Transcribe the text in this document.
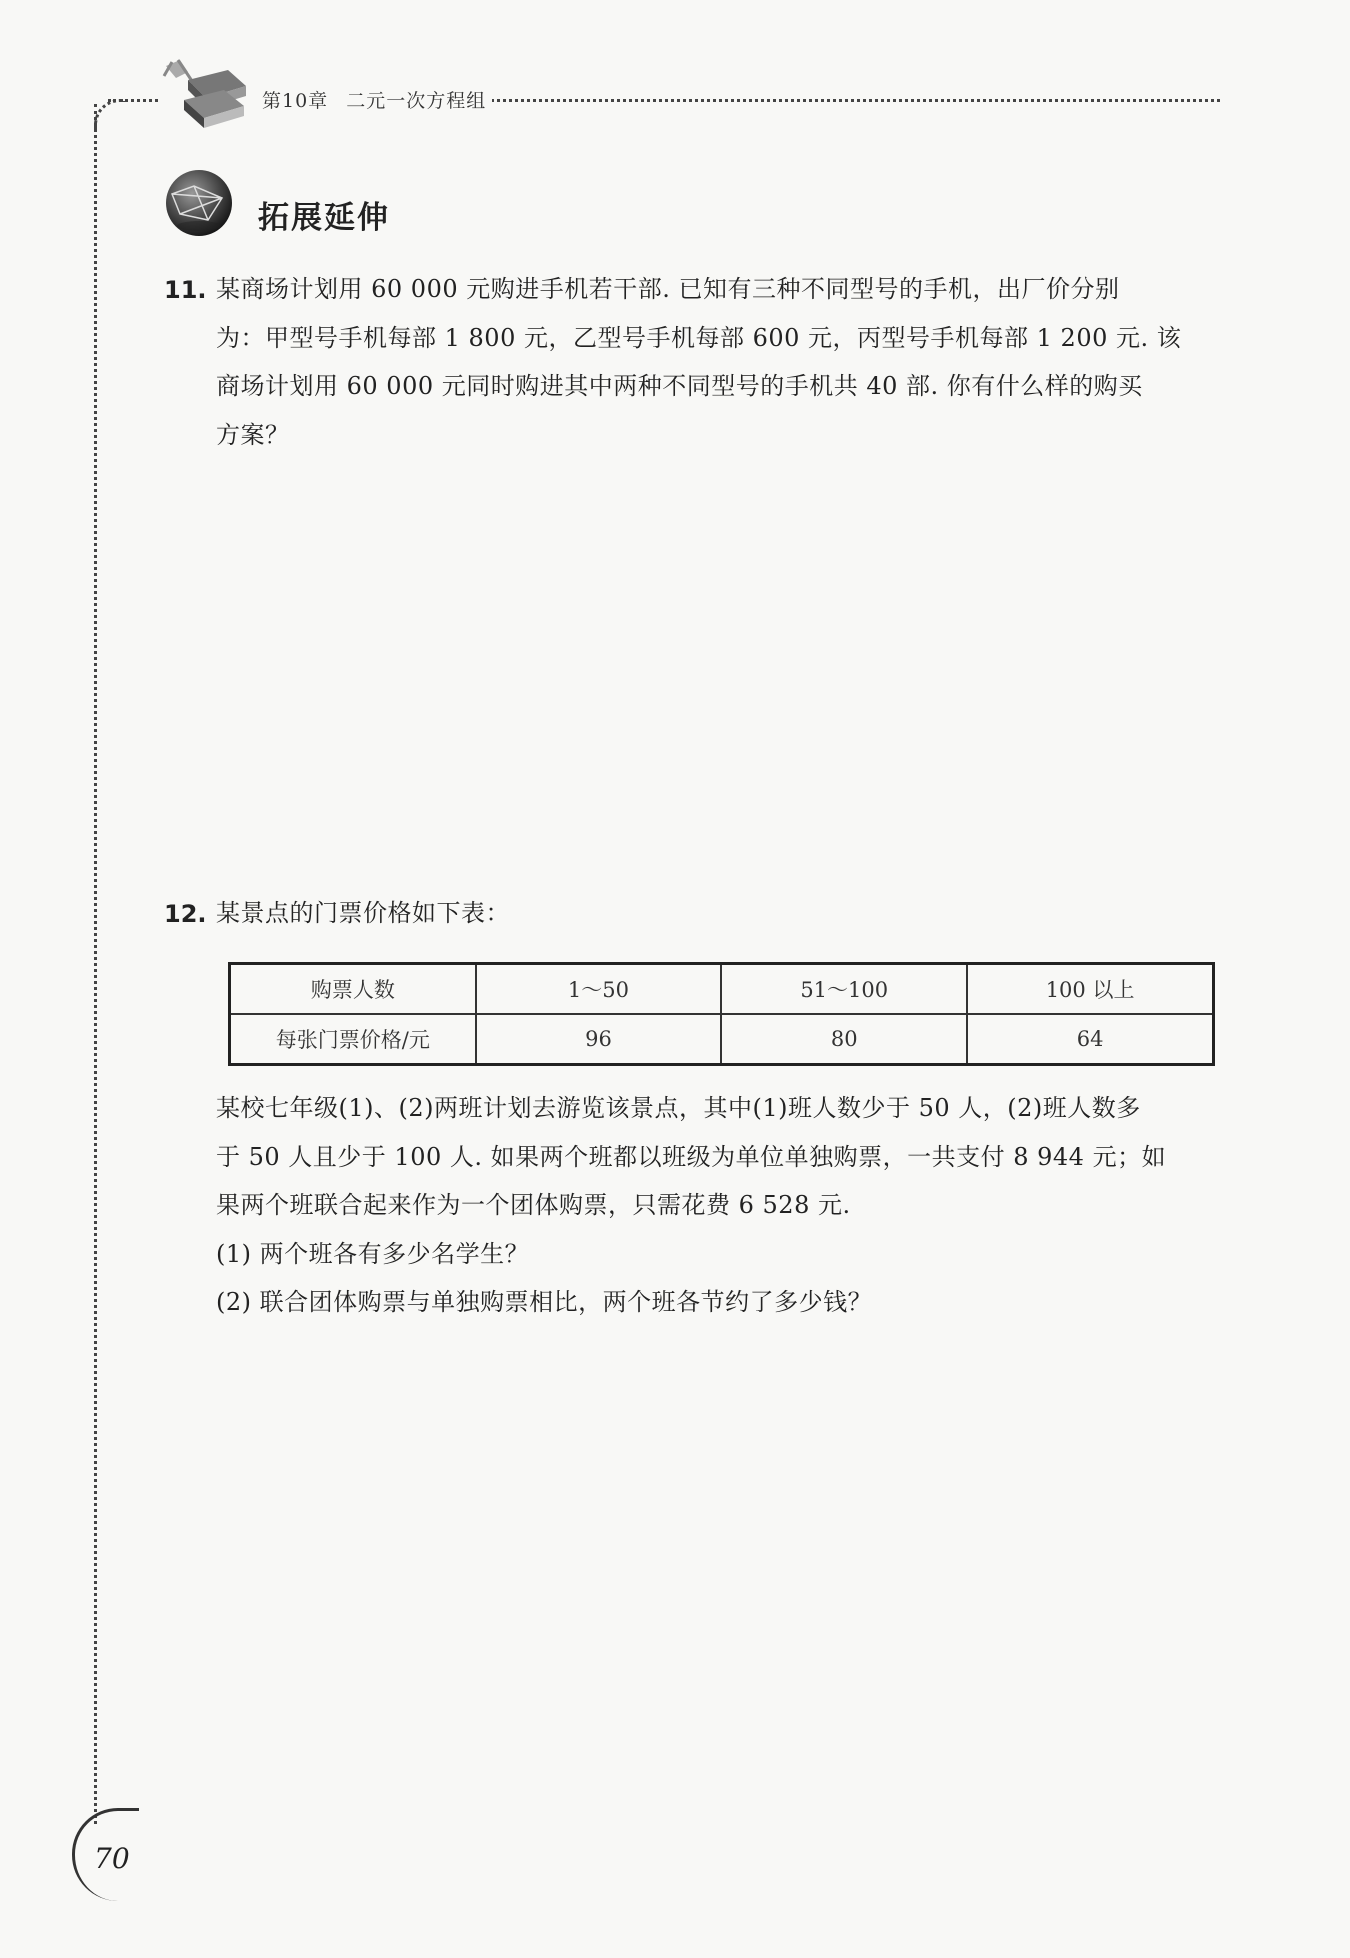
第10章 二元一次方程组
拓展延伸
11. 某商场计划用 60 000 元购进手机若干部. 已知有三种不同型号的手机，出厂价分别
为：甲型号手机每部 1 800 元，乙型号手机每部 600 元，丙型号手机每部 1 200 元. 该
商场计划用 60 000 元同时购进其中两种不同型号的手机共 40 部. 你有什么样的购买
方案？
12. 某景点的门票价格如下表：
购票人数	1～50	51～100	100 以上
每张门票价格/元	96	80	64
某校七年级(1)、(2)两班计划去游览该景点，其中(1)班人数少于 50 人，(2)班人数多
于 50 人且少于 100 人. 如果两个班都以班级为单位单独购票，一共支付 8 944 元；如
果两个班联合起来作为一个团体购票，只需花费 6 528 元.
(1) 两个班各有多少名学生？
(2) 联合团体购票与单独购票相比，两个班各节约了多少钱？
70
